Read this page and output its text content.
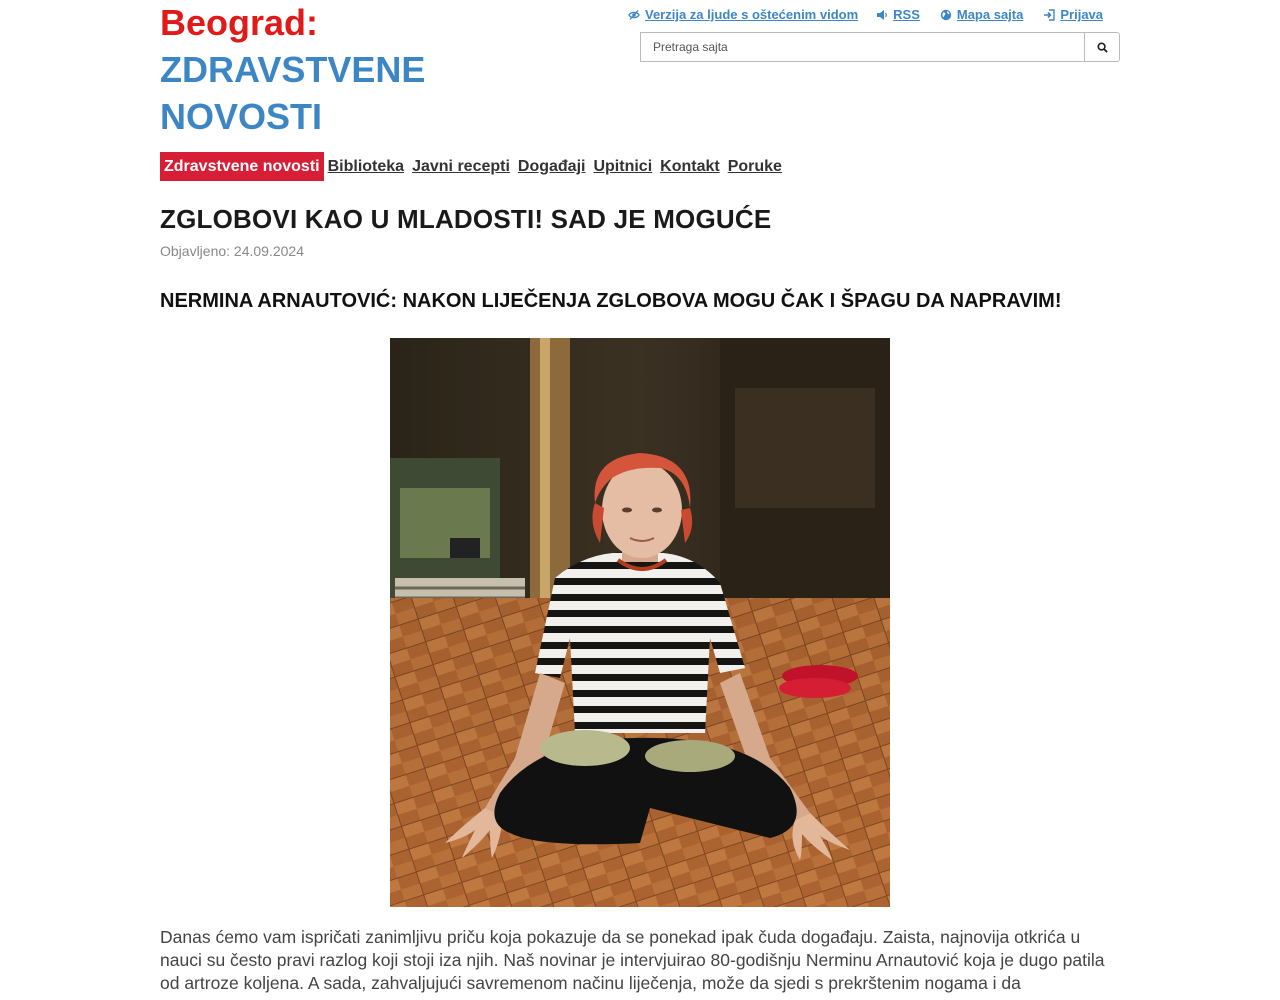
Beograd:
ZDRAVSTVENE
NOVOSTI
Verzija za ljude s oštećenim vidom	RSS	Mapa sajta	Prijava
Pretraga sajta
Zdravstvene novosti Biblioteka Javni recepti Događaji Upitnici Kontakt Poruke
ZGLOBOVI KAO U MLADOSTI! SAD JE MOGUĆE
Objavljeno: 24.09.2024
NERMINA ARNAUTOVIĆ: NAKON LIJEČENJA ZGLOBOVA MOGU ČAK I ŠPAGU DA NAPRAVIM!

Danas ćemo vam ispričati zanimljivu priču koja pokazuje da se ponekad ipak čuda događaju. Zaista, najnovija otkrića u nauci su često pravi razlog koji stoji iza njih. Naš novinar je intervjuirao 80-godišnju Nerminu Arnautović koja je dugo patila od artroze koljena. A sada, zahvaljujući savremenom načinu liječenja, može da sjedi s prekrštenim nogama i da
